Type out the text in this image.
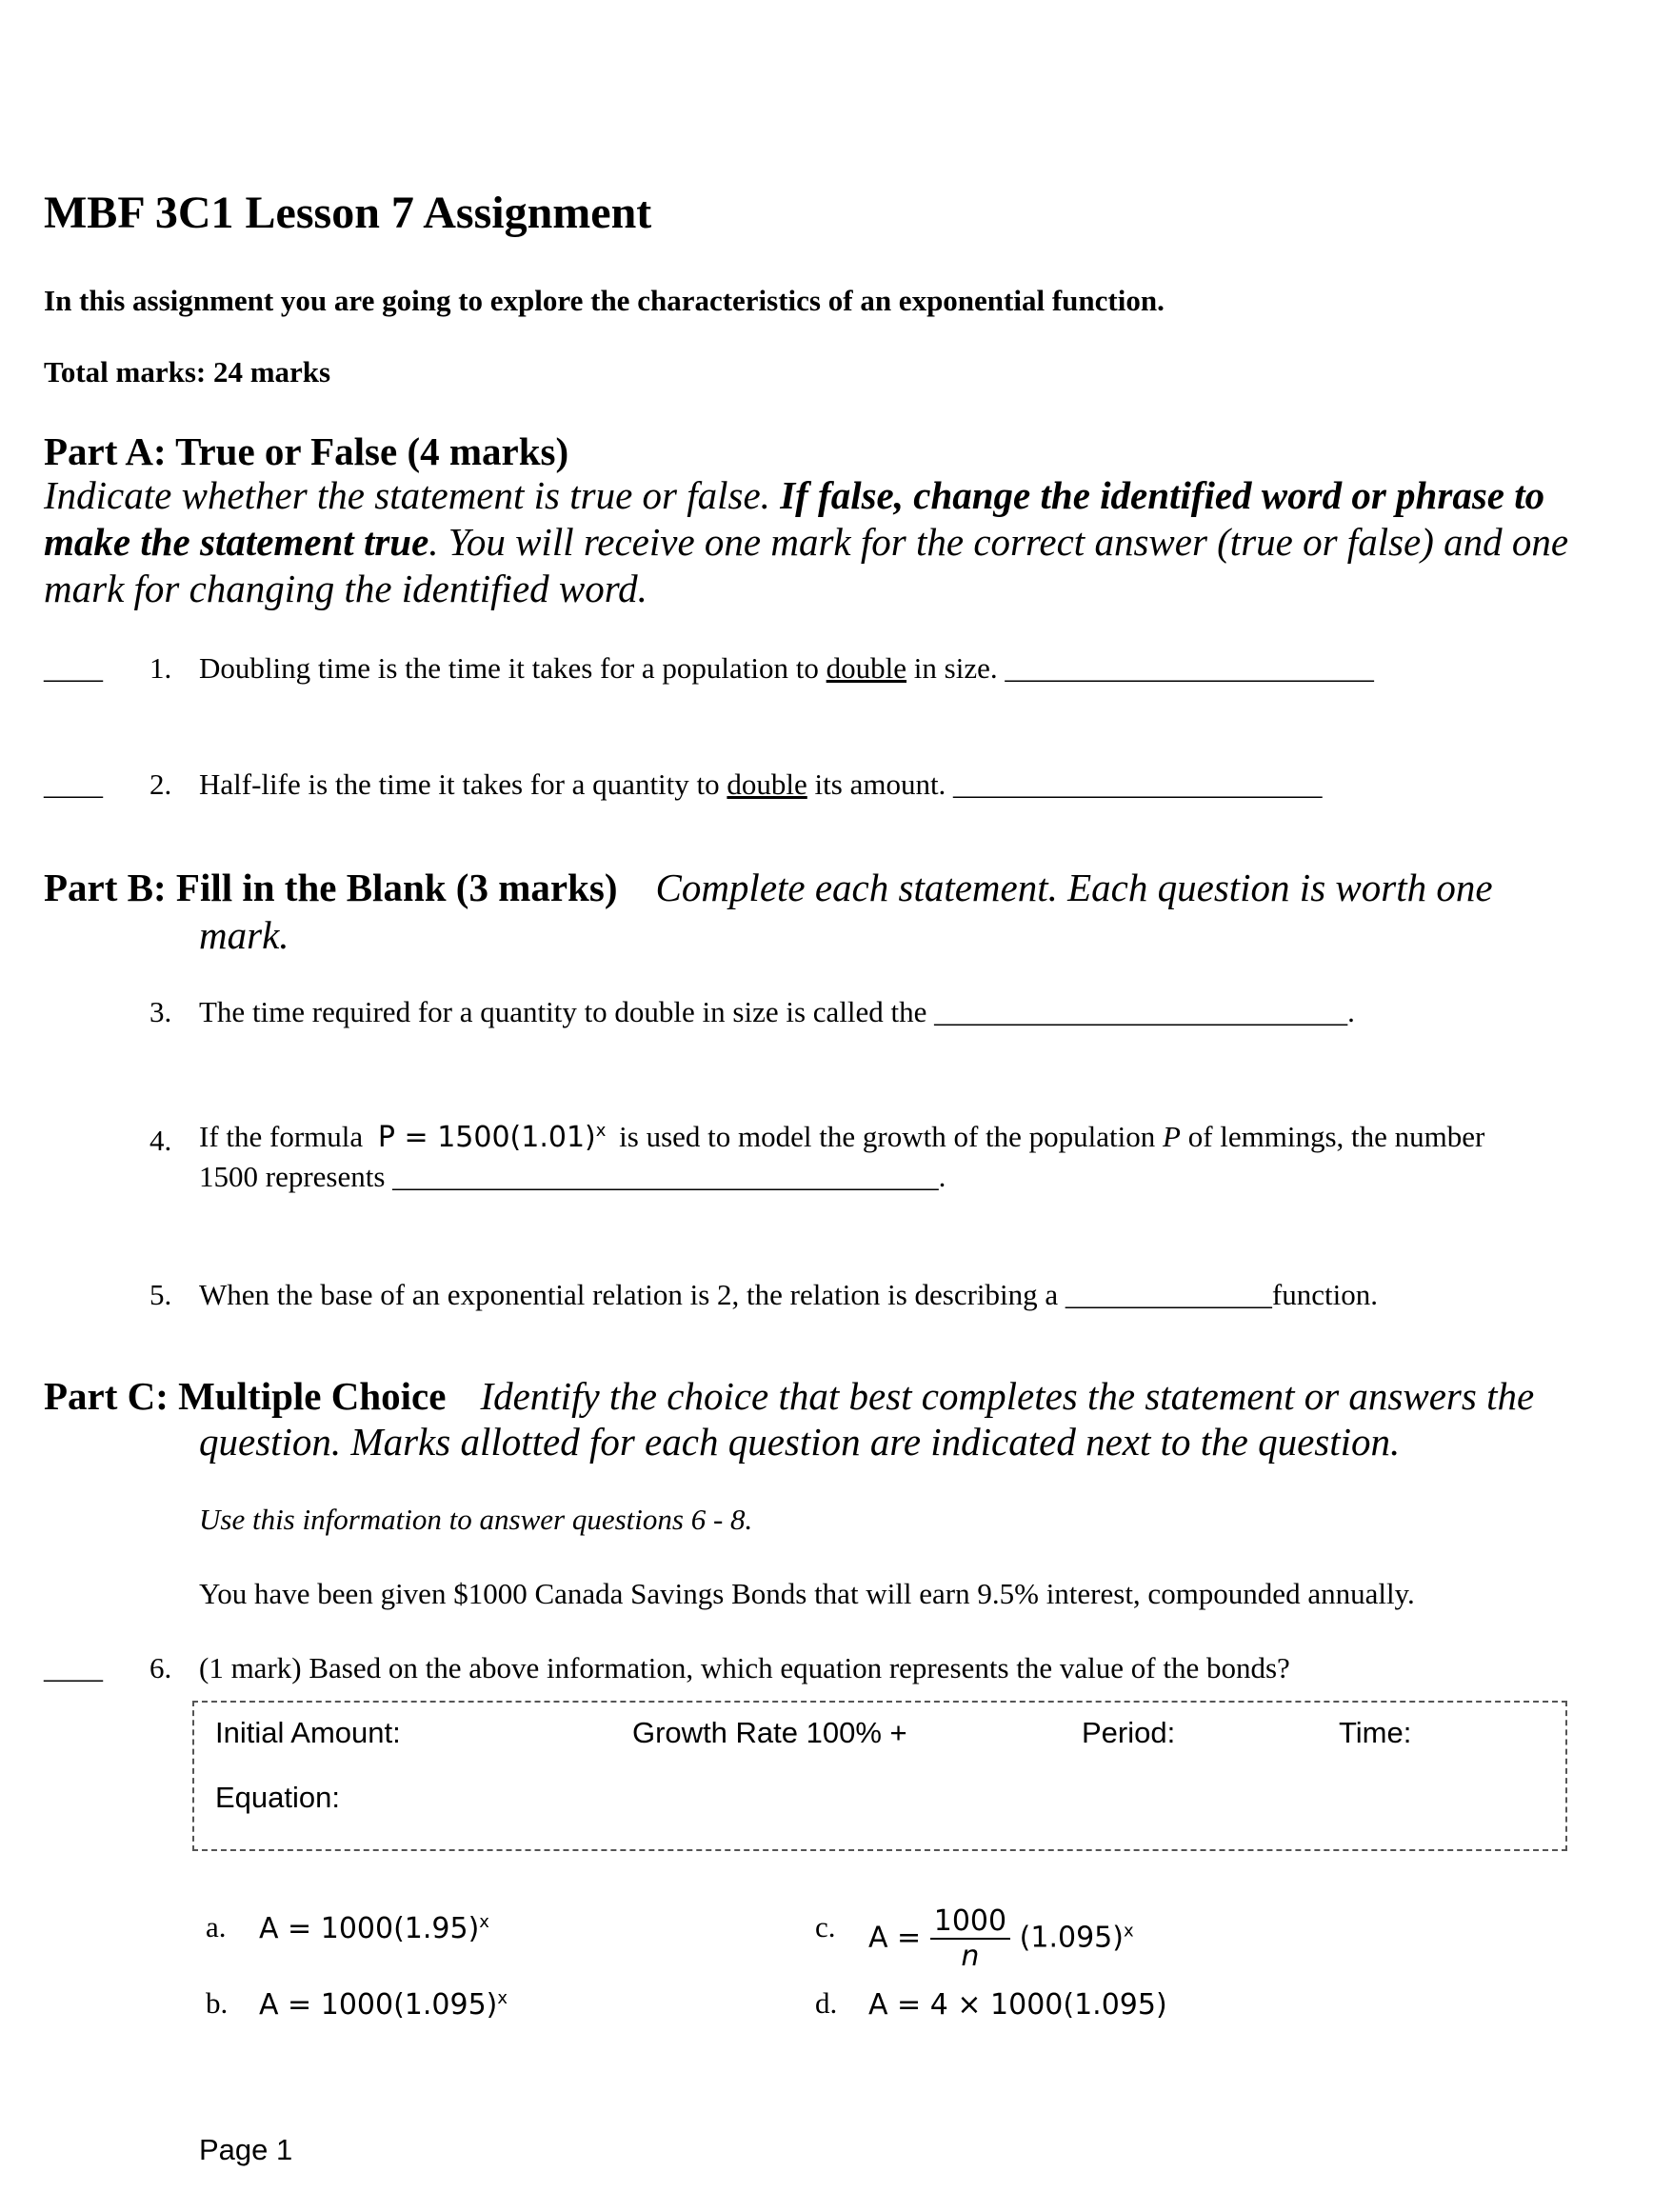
MBF 3C1 Lesson 7 Assignment
In this assignment you are going to explore the characteristics of an exponential function.
Total marks: 24 marks
Part A: True or False (4 marks)
Indicate whether the statement is true or false. If false, change the identified word or phrase to make the statement true. You will receive one mark for the correct answer (true or false) and one mark for changing the identified word.
____ 1. Doubling time is the time it takes for a population to double in size. _________________________
____ 2. Half-life is the time it takes for a quantity to double its amount. _________________________
Part B: Fill in the Blank (3 marks) Complete each statement. Each question is worth one
mark.
3. The time required for a quantity to double in size is called the ____________________________.
4. If the formula $P = 1500(1.01)^x$ is used to model the growth of the population P of lemmings, the number
1500 represents _____________________________________.
5. When the base of an exponential relation is 2, the relation is describing a ______________function.
Part C: Multiple Choice Identify the choice that best completes the statement or answers the
question. Marks allotted for each question are indicated next to the question.
Use this information to answer questions 6 - 8.
You have been given $1000 Canada Savings Bonds that will earn 9.5% interest, compounded annually.
____ 6. (1 mark) Based on the above information, which equation represents the value of the bonds?
Initial Amount:	Growth Rate 100% +	Period:	Time:
Equation:
a. $A = 1000(1.95)^x$
b. $A = 1000(1.095)^x$
c. $A = \frac{1000}{n} (1.095)^x$
d. A = 4 × 1000(1.095)
Page 1
